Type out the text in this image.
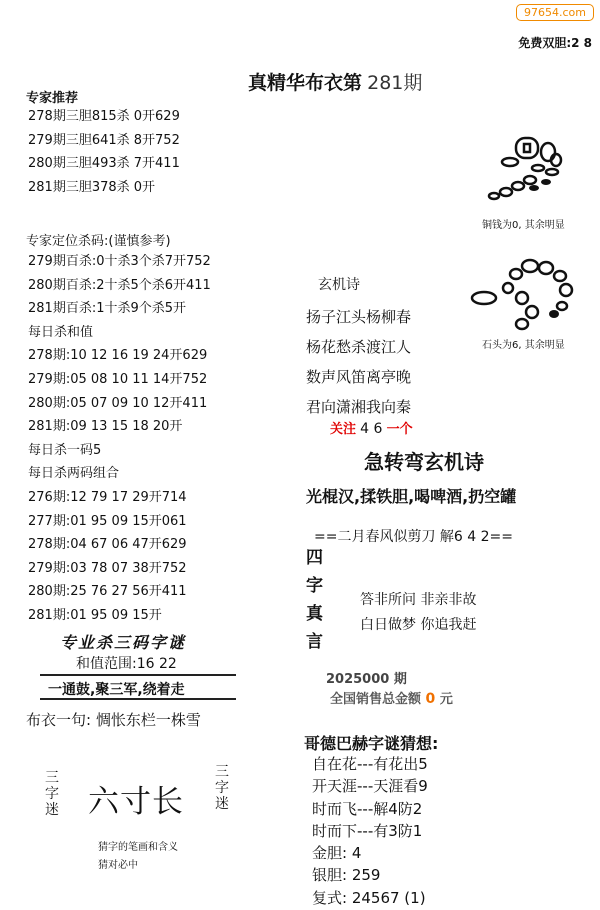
97654.com
免费双胆:2 8
真精华布衣第 281期
专家推荐
278期三胆815杀 0开629
279期三胆641杀 8开752
280期三胆493杀 7开411
281期三胆378杀 0开
专家定位杀码:(谨慎参考)
279期百杀:0十杀3个杀7开752
280期百杀:2十杀5个杀6开411
281期百杀:1十杀9个杀5开
每日杀和值
278期:10 12 16 19 24开629
279期:05 08 10 11 14开752
280期:05 07 09 10 12开411
281期:09 13 15 18 20开
每日杀一码5
每日杀两码组合
276期:12 79 17 29开714
277期:01 95 09 15开061
278期:04 67 06 47开629
279期:03 78 07 38开752
280期:25 76 27 56开411
281期:01 95 09 15开
专业杀三码字谜
和值范围:16 22
一通鼓,聚三军,绕着走
布衣一句: 惆怅东栏一株雪
三
字
迷 六寸长
三
字
迷
猜字的笔画和含义
猜对必中
铜钱为0, 其余明显
石头为6, 其余明显
玄机诗
扬子江头杨柳春
杨花愁杀渡江人
数声风笛离亭晚
君向潇湘我向秦
关注 4 6 一个
急转弯玄机诗
光棍汉,揉铁胆,喝啤酒,扔空罐
==二月春风似剪刀 解6 4 2==
四
字
真
言
答非所问 非亲非故
白日做梦 你追我赶
2025000 期
全国销售总金额 0 元
哥德巴赫字谜猜想:
自在花---有花出5
开天涯---天涯看9
时而飞---解4防2
时而下---有3防1
金胆: 4
银胆: 259
复式: 24567 (1)
